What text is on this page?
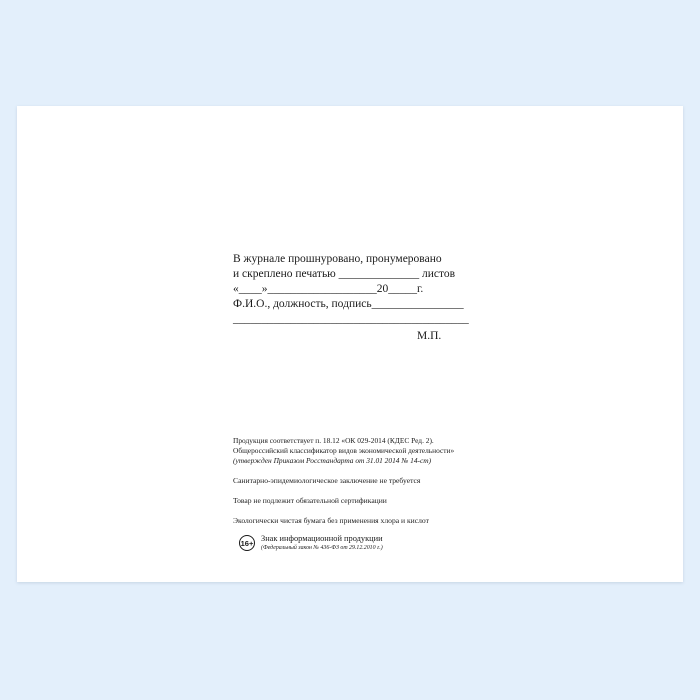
В журнале прошнуровано, пронумеровано
и скреплено печатью ______________ листов
«____»___________________20_____г.
Ф.И.О., должность, подпись________________
_________________________________________
М.П.
Продукция соответствует п. 18.12 «ОК 029-2014 (КДЕС Ред. 2).
Общероссийский классификатор видов экономической деятельности»
(утвержден Приказом Росстандарта от 31.01 2014 № 14-ст)
Санитарно-эпидемиологическое заключение не требуется
Товар не подлежит обязательной сертификации
Экологически чистая бумага без применения хлора и кислот
16+ Знак информационной продукции
(Федеральный закон № 436-ФЗ от 29.12.2010 г.)
